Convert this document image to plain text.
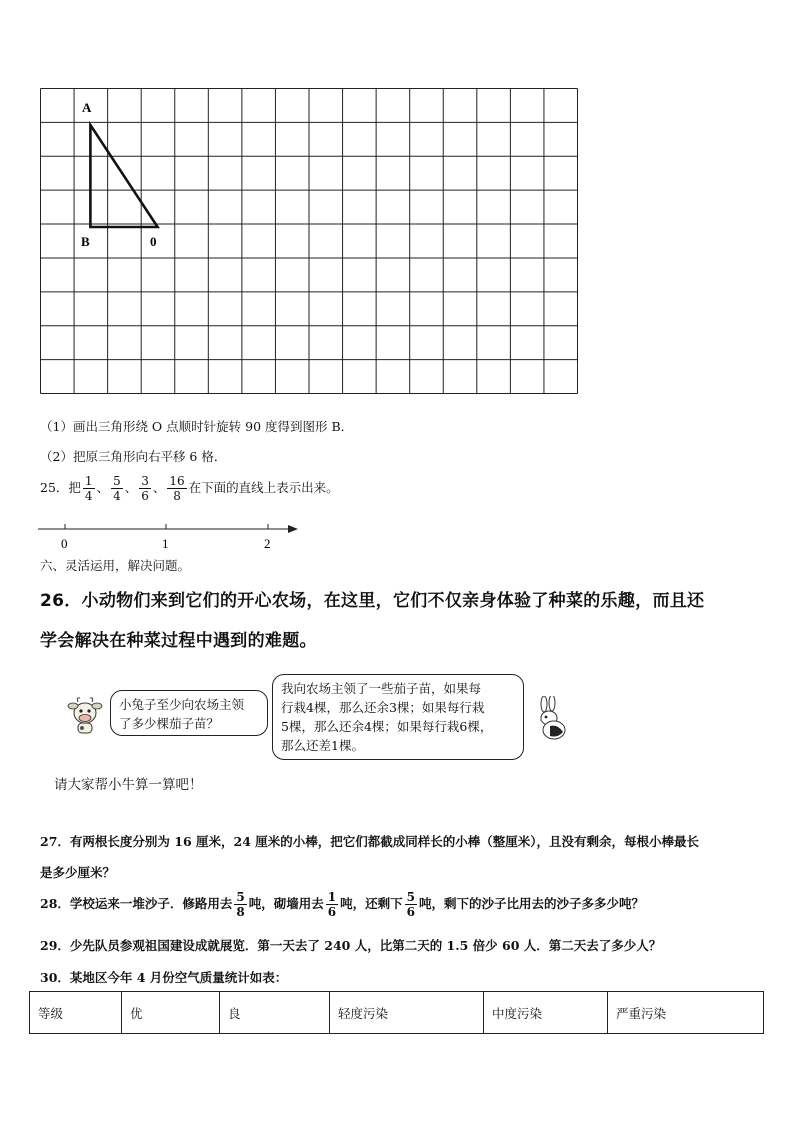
A
B	0
（1）画出三角形绕 O 点顺时针旋转 90 度得到图形 B．
（2）把原三角形向右平移 6 格．
25．把 $\frac{1}{4}$ 、 $\frac{5}{4}$ 、 $\frac{3}{6}$ 、 $\frac{16}{8}$ 在下面的直线上表示出来。
0	1	2
六、灵活运用，解决问题。
26．小动物们来到它们的开心农场，在这里，它们不仅亲身体验了种菜的乐趣，而且还
学会解决在种菜过程中遇到的难题。
小兔子至少向农场主领
了多少棵茄子苗？
我向农场主领了一些茄子苗，如果每
行栽4棵，那么还余3棵；如果每行栽
5棵，那么还余4棵；如果每行栽6棵，
那么还差1棵。
请大家帮小牛算一算吧！
27．有两根长度分别为 16 厘米，24 厘米的小棒，把它们都截成同样长的小棒（整厘米），且没有剩余，每根小棒最长
是多少厘米？
28．学校运来一堆沙子．修路用去 $\frac{5}{8}$ 吨，砌墙用去 $\frac{1}{6}$ 吨，还剩下 $\frac{5}{6}$ 吨，剩下的沙子比用去的沙子多多少吨？
29．少先队员参观祖国建设成就展览．第一天去了 240 人，比第二天的 1.5 倍少 60 人．第二天去了多少人？
30．某地区今年 4 月份空气质量统计如表：
等级	优	良	轻度污染	中度污染	严重污染
